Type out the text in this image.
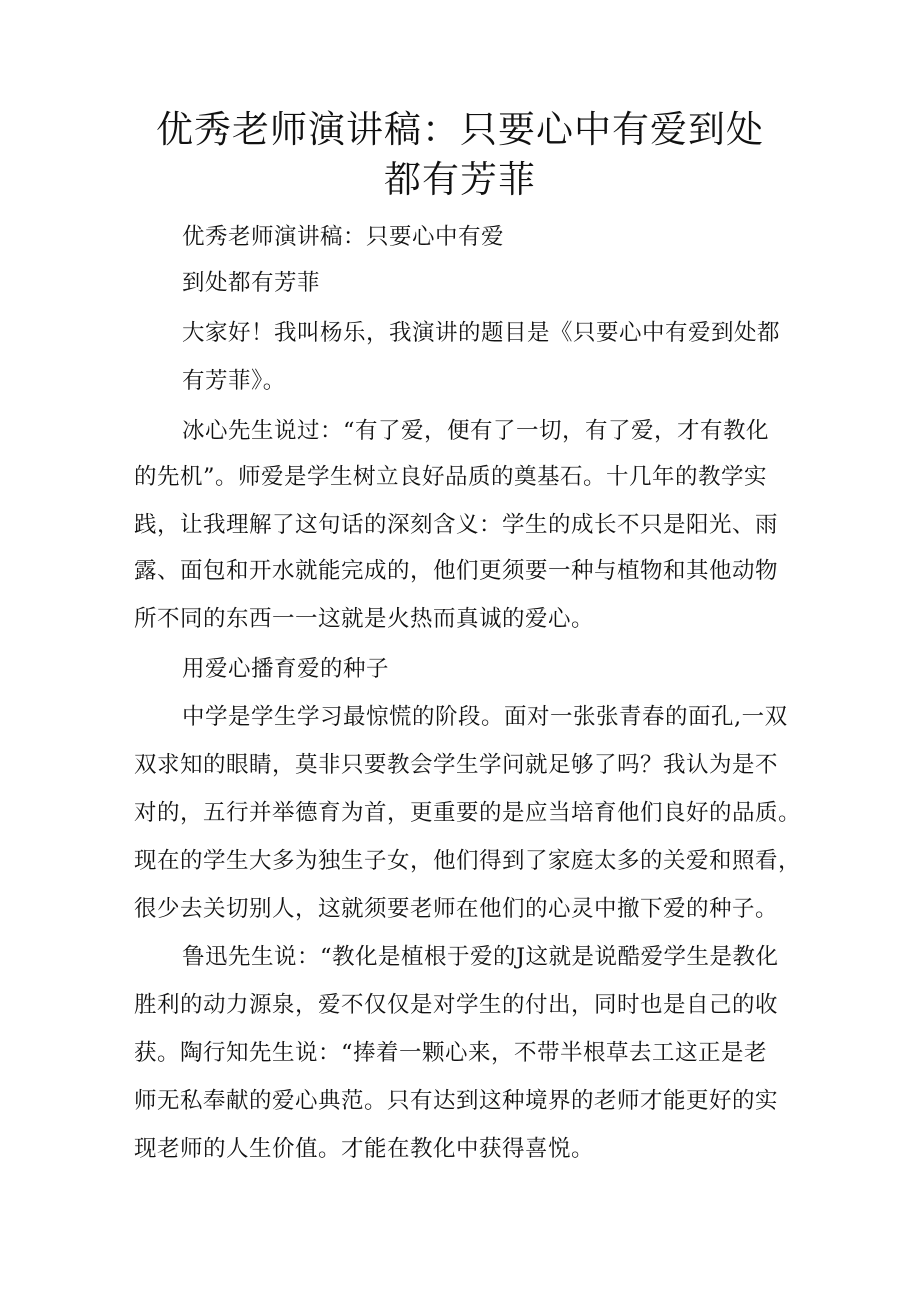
优秀老师演讲稿：只要心中有爱到处
都有芳菲

优秀老师演讲稿：只要心中有爱

到处都有芳菲

大家好！我叫杨乐，我演讲的题目是《只要心中有爱到处都

有芳菲》。

冰心先生说过：“有了爱，便有了一切，有了爱，才有教化

的先机”。师爱是学生树立良好品质的奠基石。十几年的教学实

践，让我理解了这句话的深刻含义：学生的成长不只是阳光、雨

露、面包和开水就能完成的，他们更须要一种与植物和其他动物

所不同的东西一一这就是火热而真诚的爱心。

用爱心播育爱的种子

中学是学生学习最惊慌的阶段。面对一张张青春的面孔,一双

双求知的眼睛，莫非只要教会学生学问就足够了吗？我认为是不

对的，五行并举德育为首，更重要的是应当培育他们良好的品质。

现在的学生大多为独生子女，他们得到了家庭太多的关爱和照看，

很少去关切别人，这就须要老师在他们的心灵中撤下爱的种子。

鲁迅先生说：“教化是植根于爱的J这就是说酷爱学生是教化

胜利的动力源泉，爱不仅仅是对学生的付出，同时也是自己的收

获。陶行知先生说：“捧着一颗心来，不带半根草去工这正是老

师无私奉献的爱心典范。只有达到这种境界的老师才能更好的实

现老师的人生价值。才能在教化中获得喜悦。
